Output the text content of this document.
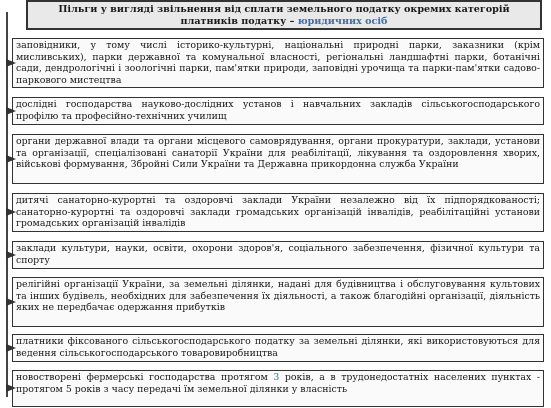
Пільги у вигляді звільнення від сплати земельного податку окремих категорій платників податку – юридичних осіб
заповідники, у тому числі історико-культурні, національні природні парки, заказники (крім мисливських), парки державної та комунальної власності, регіональні ландшафтні парки, ботанічні сади, дендрологічні і зоологічні парки, пам'ятки природи, заповідні урочища та парки-пам'ятки садово-паркового мистецтва
дослідні господарства науково-дослідних установ і навчальних закладів сільськогосподарського профілю та професійно-технічних училищ
органи державної влади та органи місцевого самоврядування, органи прокуратури, заклади, установи та організації, спеціалізовані санаторії України для реабілітації, лікування та оздоровлення хворих, військові формування, Збройні Сили України та Державна прикордонна служба України
дитячі санаторно-курортні та оздоровчі заклади України незалежно від їх підпорядкованості; санаторно-курортні та оздоровчі заклади громадських організацій інвалідів, реабілітаційні установи громадських організацій інвалідів
заклади культури, науки, освіти, охорони здоров'я, соціального забезпечення, фізичної культури та спорту
релігійні організації України, за земельні ділянки, надані для будівництва і обслуговування культових та інших будівель, необхідних для забезпечення їх діяльності, а також благодійні організації, діяльність яких не передбачає одержання прибутків
платники фіксованого сільськогосподарського податку за земельні ділянки, які використовуються для ведення сільськогосподарського товаровиробництва
новостворені фермерські господарства протягом 3 років, а в трудонедостатніх населених пунктах - протягом 5 років з часу передачі їм земельної ділянки у власність
